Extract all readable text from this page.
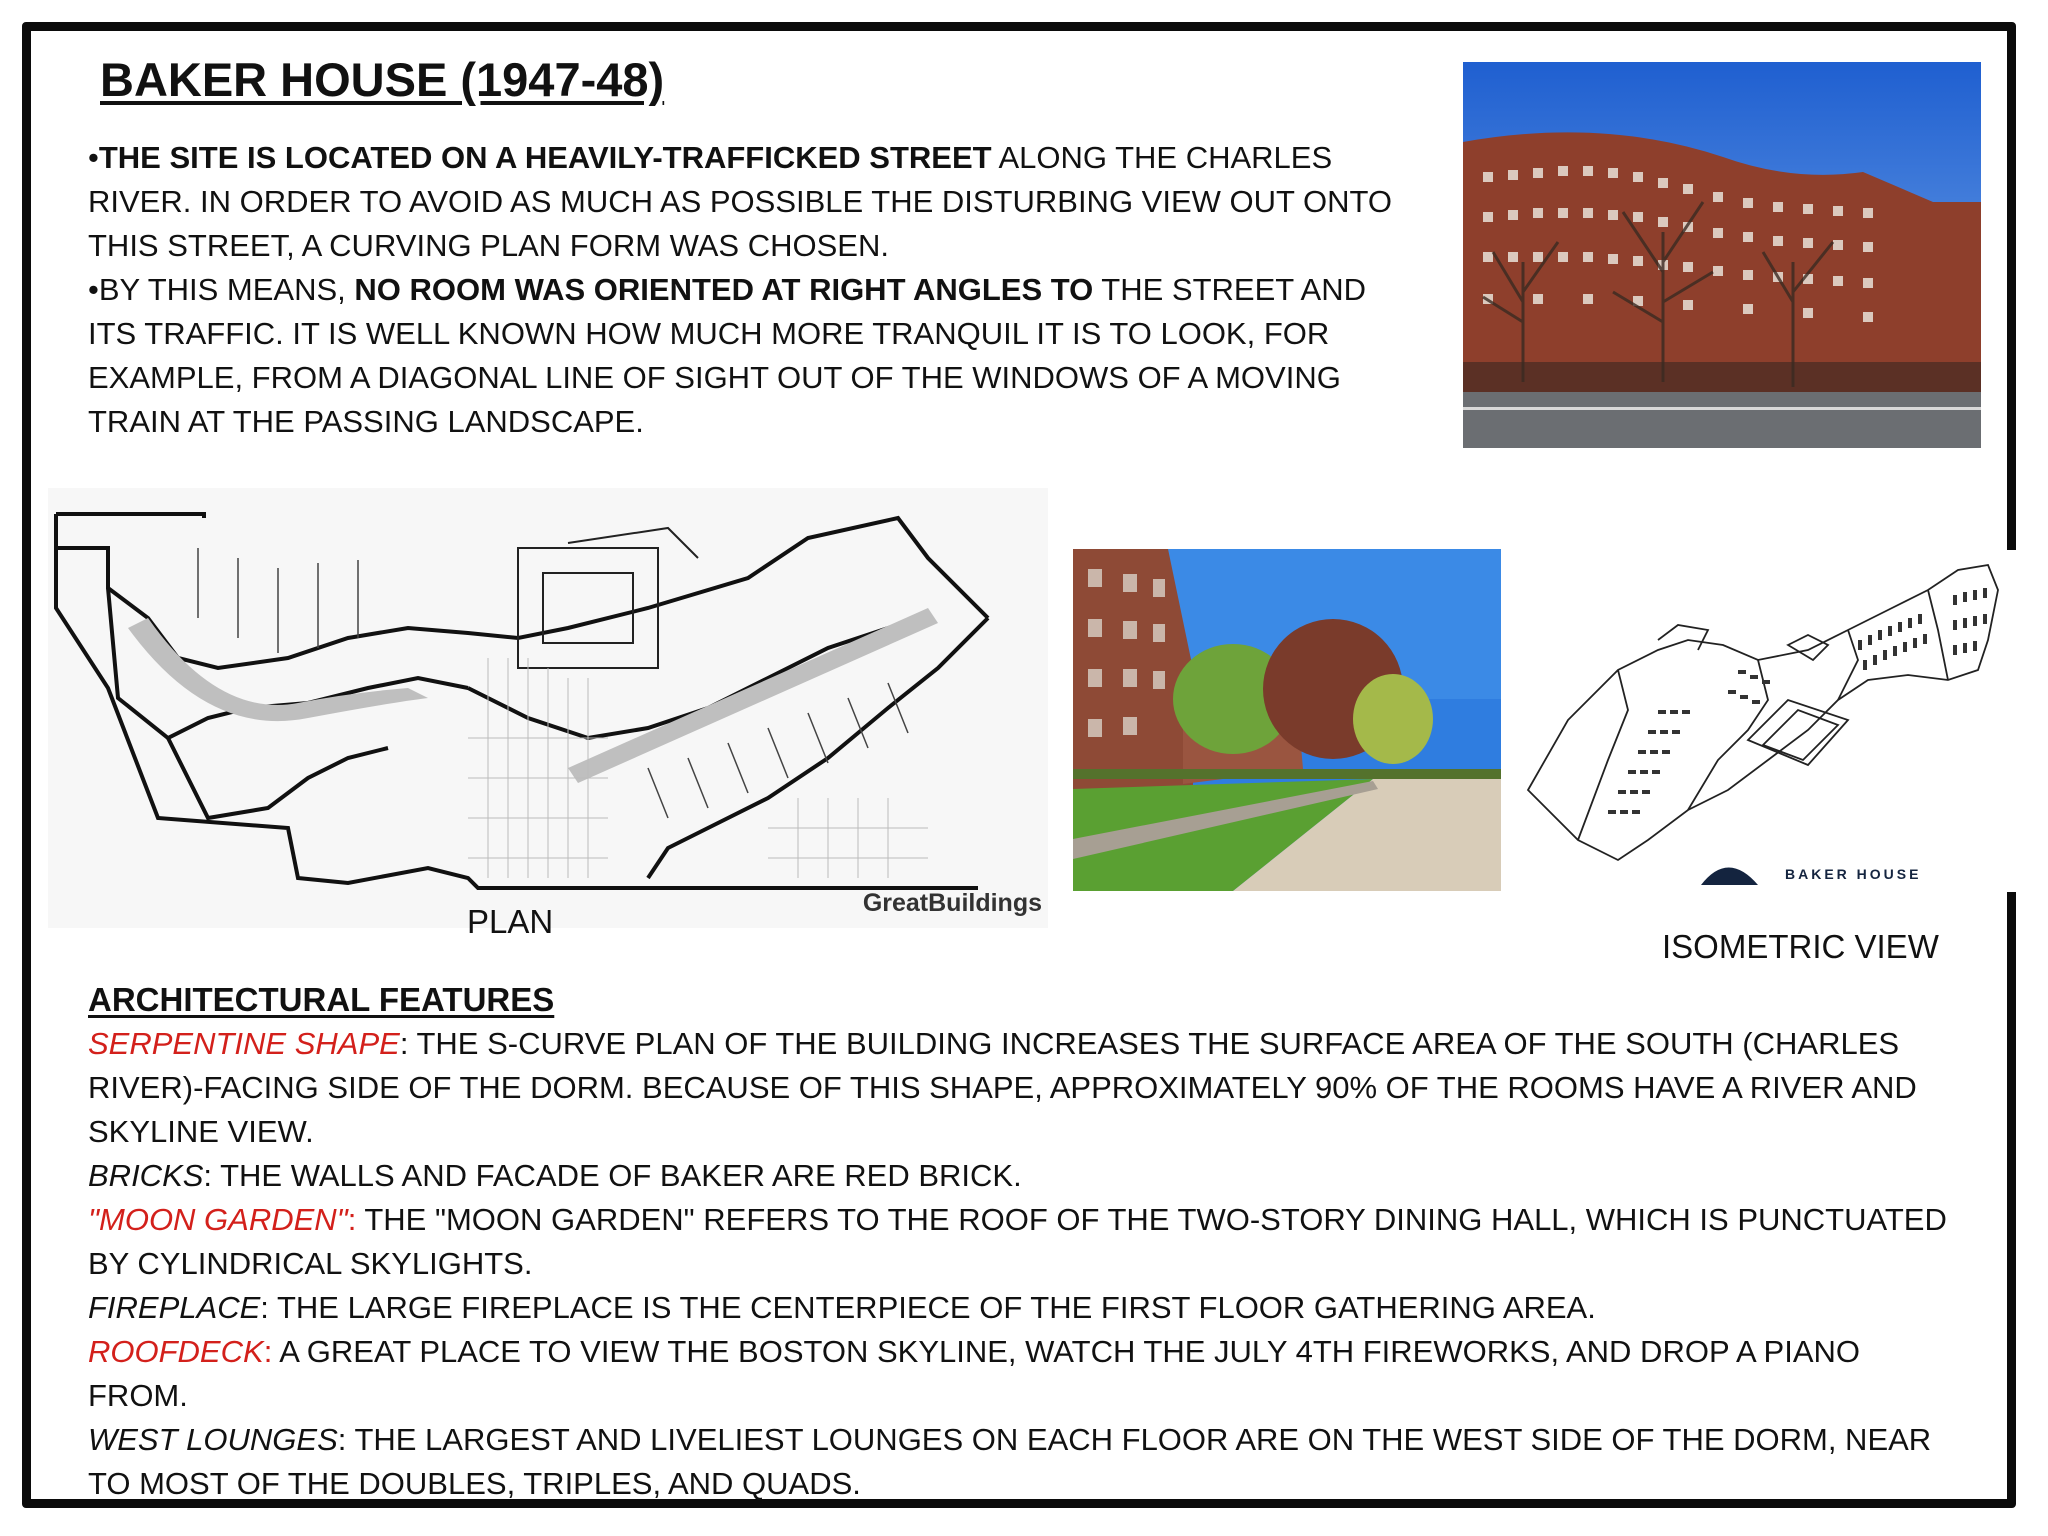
BAKER HOUSE (1947-48)

•THE SITE IS LOCATED ON A HEAVILY-TRAFFICKED STREET ALONG THE CHARLES RIVER. IN ORDER TO AVOID AS MUCH AS POSSIBLE THE DISTURBING VIEW OUT ONTO THIS STREET, A CURVING PLAN FORM WAS CHOSEN.

•BY THIS MEANS, NO ROOM WAS ORIENTED AT RIGHT ANGLES TO THE STREET AND ITS TRAFFIC. IT IS WELL KNOWN HOW MUCH MORE TRANQUIL IT IS TO LOOK, FOR EXAMPLE, FROM A DIAGONAL LINE OF SIGHT OUT OF THE WINDOWS OF A MOVING TRAIN AT THE PASSING LANDSCAPE.

GreatBuildings
PLAN
BAKER HOUSE
ISOMETRIC VIEW

ARCHITECTURAL FEATURES

SERPENTINE SHAPE: THE S-CURVE PLAN OF THE BUILDING INCREASES THE SURFACE AREA OF THE SOUTH (CHARLES RIVER)-FACING SIDE OF THE DORM. BECAUSE OF THIS SHAPE, APPROXIMATELY 90% OF THE ROOMS HAVE A RIVER AND SKYLINE VIEW.

BRICKS: THE WALLS AND FACADE OF BAKER ARE RED BRICK.

"MOON GARDEN": THE "MOON GARDEN" REFERS TO THE ROOF OF THE TWO-STORY DINING HALL, WHICH IS PUNCTUATED BY CYLINDRICAL SKYLIGHTS.

FIREPLACE: THE LARGE FIREPLACE IS THE CENTERPIECE OF THE FIRST FLOOR GATHERING AREA.

ROOFDECK: A GREAT PLACE TO VIEW THE BOSTON SKYLINE, WATCH THE JULY 4TH FIREWORKS, AND DROP A PIANO FROM.

WEST LOUNGES: THE LARGEST AND LIVELIEST LOUNGES ON EACH FLOOR ARE ON THE WEST SIDE OF THE DORM, NEAR TO MOST OF THE DOUBLES, TRIPLES, AND QUADS.
